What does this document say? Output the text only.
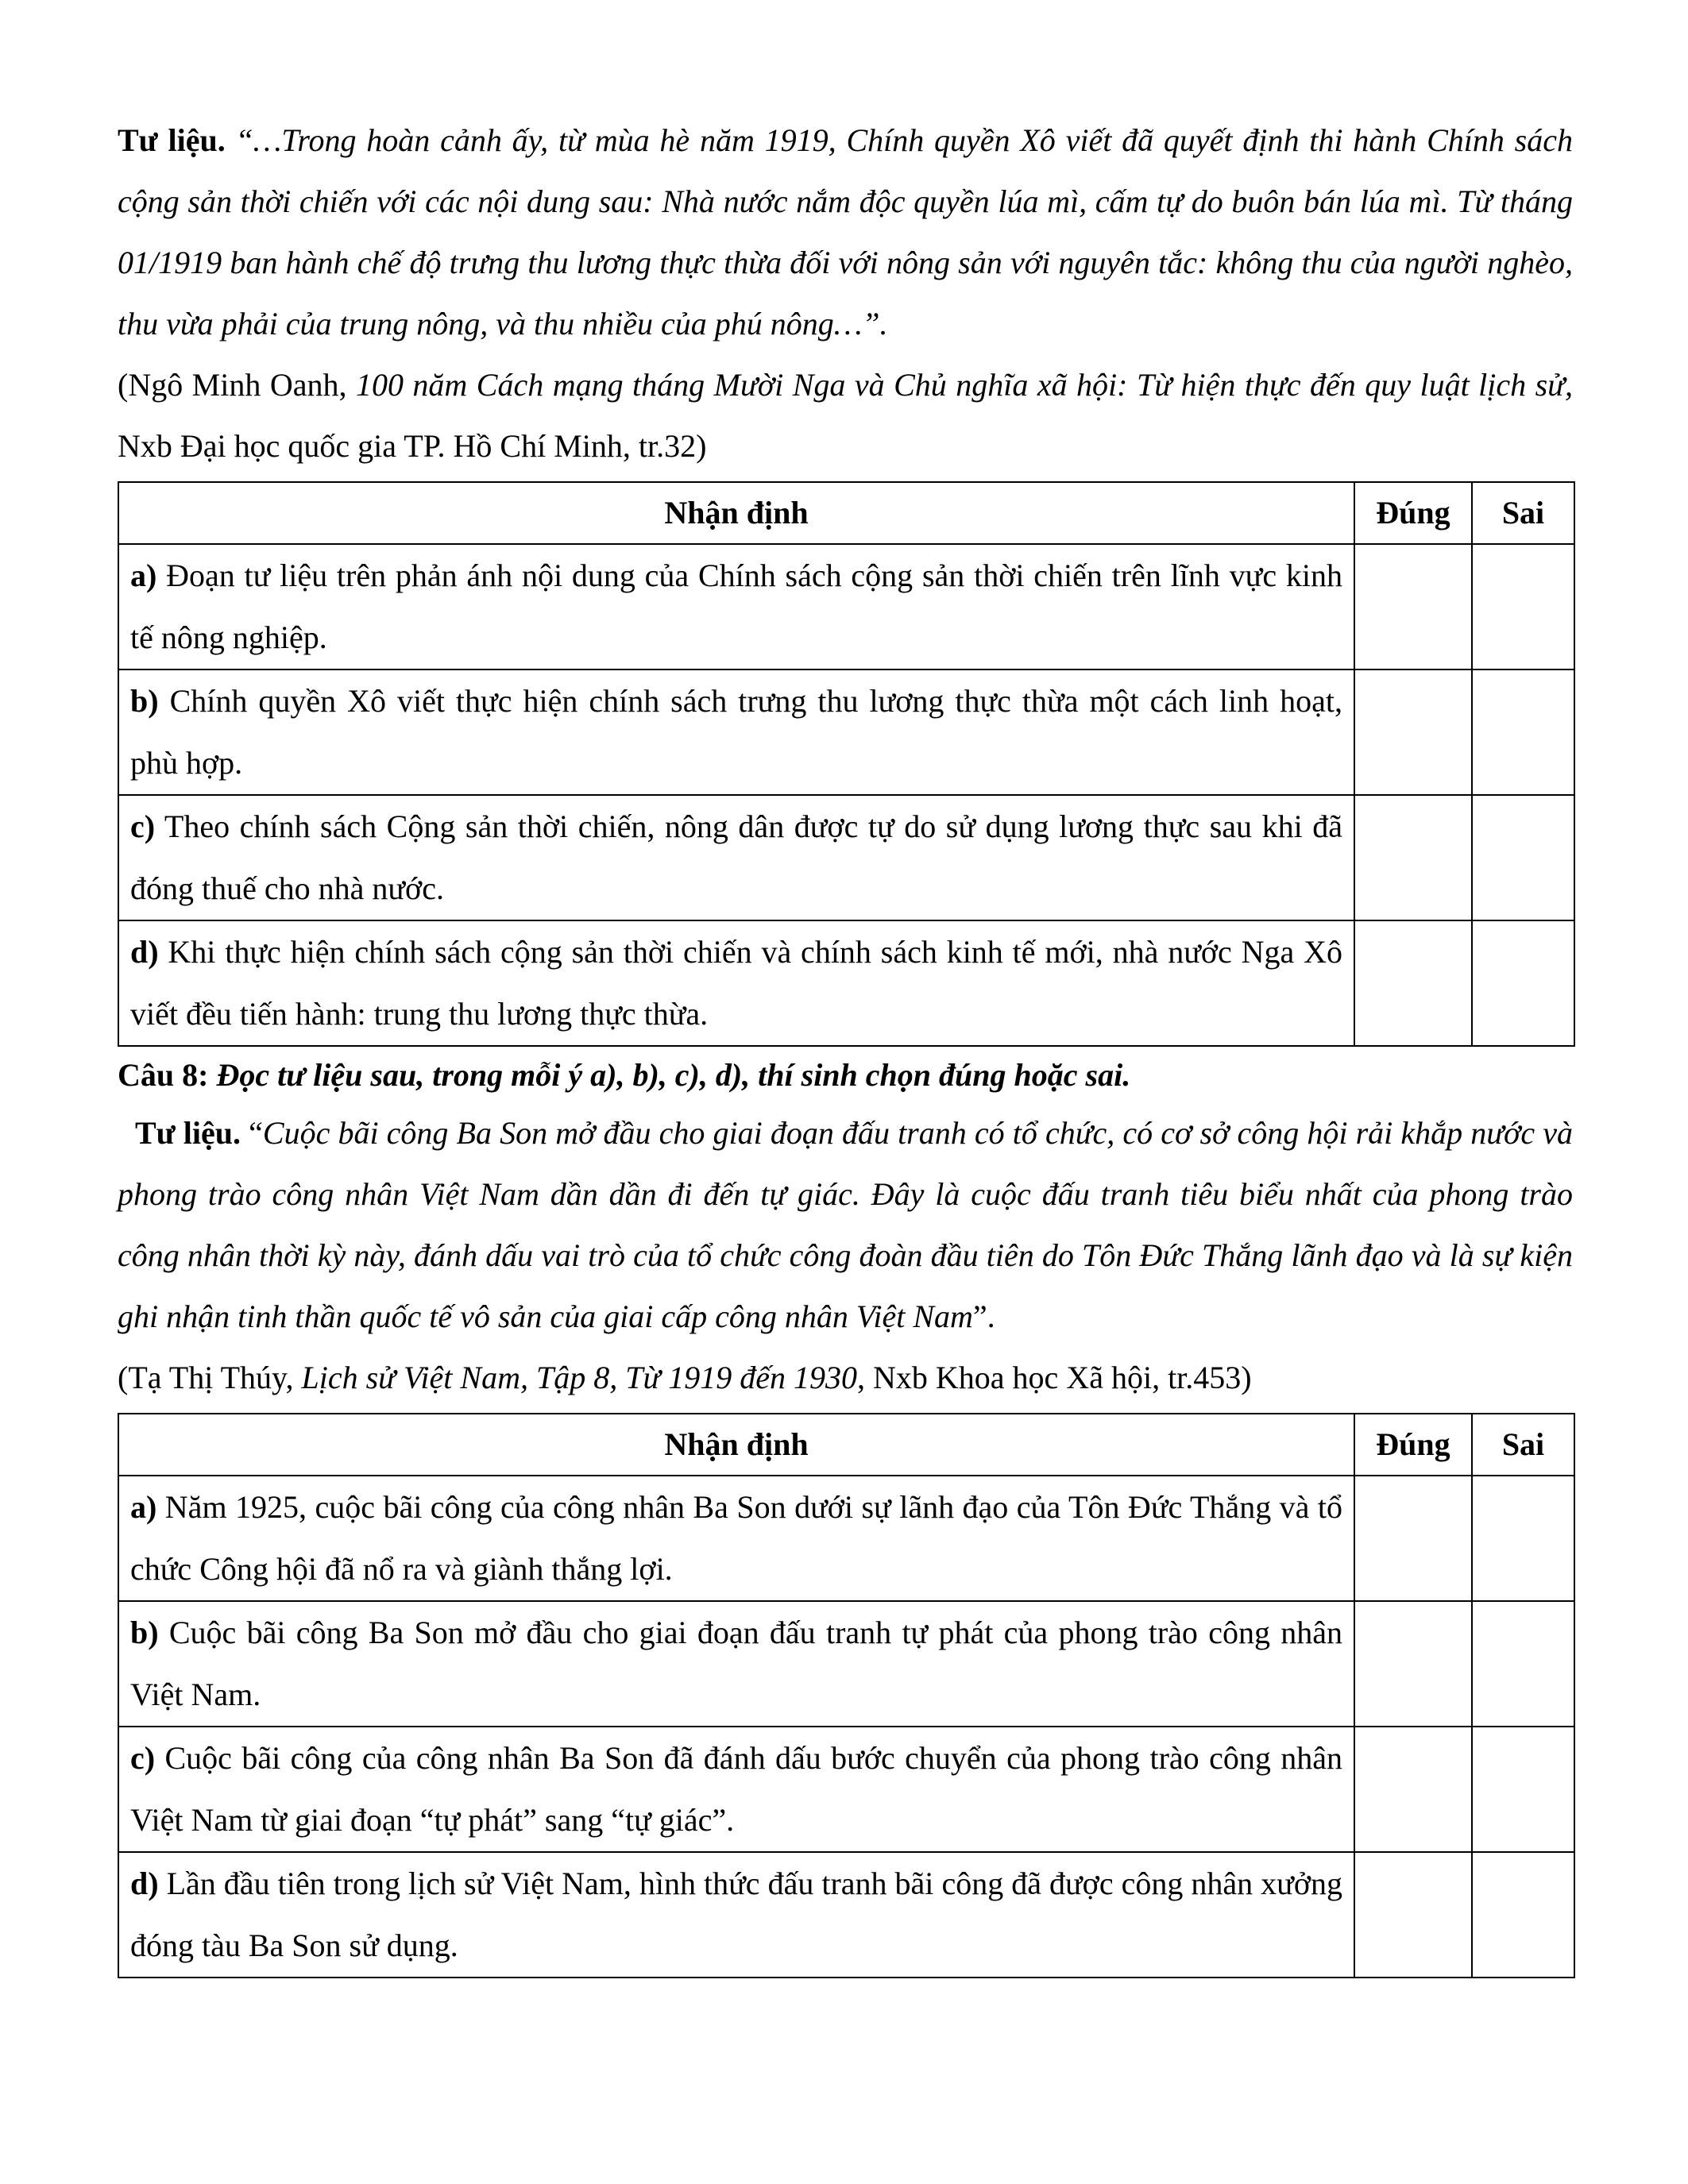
Tư liệu. “…Trong hoàn cảnh ấy, từ mùa hè năm 1919, Chính quyền Xô viết đã quyết định thi hành Chính sách cộng sản thời chiến với các nội dung sau: Nhà nước nắm độc quyền lúa mì, cấm tự do buôn bán lúa mì. Từ tháng 01/1919 ban hành chế độ trưng thu lương thực thừa đối với nông sản với nguyên tắc: không thu của người nghèo, thu vừa phải của trung nông, và thu nhiều của phú nông…”.
(Ngô Minh Oanh, 100 năm Cách mạng tháng Mười Nga và Chủ nghĩa xã hội: Từ hiện thực đến quy luật lịch sử, Nxb Đại học quốc gia TP. Hồ Chí Minh, tr.32)

Nhận định	Đúng	Sai
a) Đoạn tư liệu trên phản ánh nội dung của Chính sách cộng sản thời chiến trên lĩnh vực kinh tế nông nghiệp.		
b) Chính quyền Xô viết thực hiện chính sách trưng thu lương thực thừa một cách linh hoạt, phù hợp.		
c) Theo chính sách Cộng sản thời chiến, nông dân được tự do sử dụng lương thực sau khi đã đóng thuế cho nhà nước.		
d) Khi thực hiện chính sách cộng sản thời chiến và chính sách kinh tế mới, nhà nước Nga Xô viết đều tiến hành: trung thu lương thực thừa.		

Câu 8: Đọc tư liệu sau, trong mỗi ý a), b), c), d), thí sinh chọn đúng hoặc sai.

Tư liệu. “Cuộc bãi công Ba Son mở đầu cho giai đoạn đấu tranh có tổ chức, có cơ sở công hội rải khắp nước và phong trào công nhân Việt Nam dần dần đi đến tự giác. Đây là cuộc đấu tranh tiêu biểu nhất của phong trào công nhân thời kỳ này, đánh dấu vai trò của tổ chức công đoàn đầu tiên do Tôn Đức Thắng lãnh đạo và là sự kiện ghi nhận tinh thần quốc tế vô sản của giai cấp công nhân Việt Nam”.

(Tạ Thị Thúy, Lịch sử Việt Nam, Tập 8, Từ 1919 đến 1930, Nxb Khoa học Xã hội, tr.453)

Nhận định	Đúng	Sai
a) Năm 1925, cuộc bãi công của công nhân Ba Son dưới sự lãnh đạo của Tôn Đức Thắng và tổ chức Công hội đã nổ ra và giành thắng lợi.		
b) Cuộc bãi công Ba Son mở đầu cho giai đoạn đấu tranh tự phát của phong trào công nhân Việt Nam.		
c) Cuộc bãi công của công nhân Ba Son đã đánh dấu bước chuyển của phong trào công nhân Việt Nam từ giai đoạn “tự phát” sang “tự giác”.		
d) Lần đầu tiên trong lịch sử Việt Nam, hình thức đấu tranh bãi công đã được công nhân xưởng đóng tàu Ba Son sử dụng.		
